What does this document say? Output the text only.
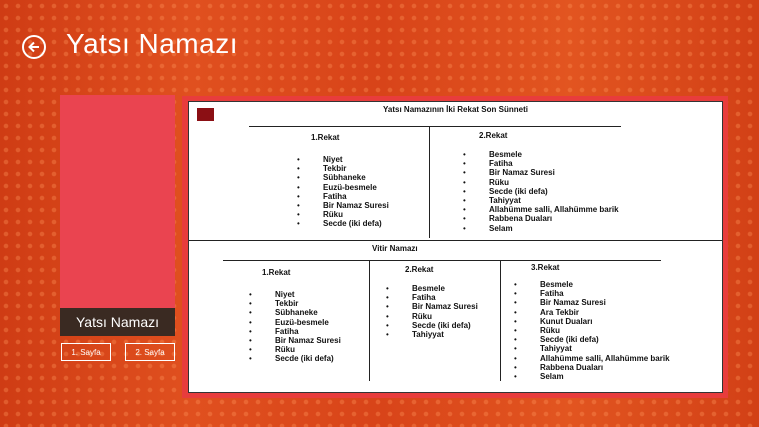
Yatsı Namazı
Yatsı Namazı
1. Sayfa	2. Sayfa
Yatsı Namazının İki Rekat Son Sünneti
1.Rekat
• Niyet
• Tekbir
• Sübhaneke
• Euzü-besmele
• Fatiha
• Bir Namaz Suresi
• Rüku
• Secde (iki defa)
2.Rekat
• Besmele
• Fatiha
• Bir Namaz Suresi
• Rüku
• Secde (iki defa)
• Tahiyyat
• Allahümme salli, Allahümme barik
• Rabbena Duaları
• Selam
Vitir Namazı
1.Rekat
• Niyet
• Tekbir
• Sübhaneke
• Euzü-besmele
• Fatiha
• Bir Namaz Suresi
• Rüku
• Secde (iki defa)
2.Rekat
• Besmele
• Fatiha
• Bir Namaz Suresi
• Rüku
• Secde (iki defa)
• Tahiyyat
3.Rekat
• Besmele
• Fatiha
• Bir Namaz Suresi
• Ara Tekbir
• Kunut Duaları
• Rüku
• Secde (iki defa)
• Tahiyyat
• Allahümme salli, Allahümme barik
• Rabbena Duaları
• Selam
